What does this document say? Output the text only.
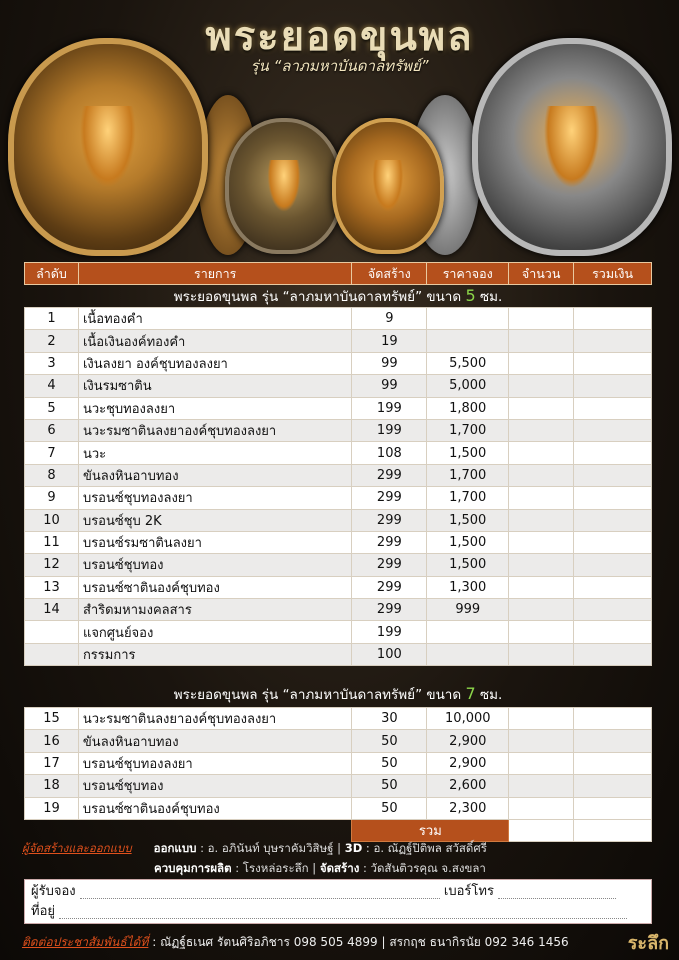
พระยอดขุนพล
รุ่น “ลาภมหาบันดาลทรัพย์”
ลำดับ	รายการ	จัดสร้าง	ราคาจอง	จำนวน	รวมเงิน
พระยอดขุนพล รุ่น “ลาภมหาบันดาลทรัพย์” ขนาด 5 ซม.					
1	เนื้อทองคำ	9			
2	เนื้อเงินองค์ทองคำ	19			
3	เงินลงยา องค์ชุบทองลงยา	99	5,500		
4	เงินรมซาติน	99	5,000		
5	นวะชุบทองลงยา	199	1,800		
6	นวะรมซาตินลงยาองค์ชุบทองลงยา	199	1,700		
7	นวะ	108	1,500		
8	ขันลงหินอาบทอง	299	1,700		
9	บรอนซ์ชุบทองลงยา	299	1,700		
10	บรอนซ์ชุบ 2K	299	1,500		
11	บรอนซ์รมซาตินลงยา	299	1,500		
12	บรอนซ์ชุบทอง	299	1,500		
13	บรอนซ์ซาตินองค์ชุบทอง	299	1,300		
14	สำริดมหามงคลสาร	299	999		
	แจกศูนย์จอง	199			
	กรรมการ	100			
พระยอดขุนพล รุ่น “ลาภมหาบันดาลทรัพย์” ขนาด 7 ซม.					
15	นวะรมซาตินลงยาองค์ชุบทองลงยา	30	10,000		
16	ขันลงหินอาบทอง	50	2,900		
17	บรอนซ์ชุบทองลงยา	50	2,900		
18	บรอนซ์ชุบทอง	50	2,600		
19	บรอนซ์ซาตินองค์ชุบทอง	50	2,300		
		รวม			
ผู้จัดสร้างและออกแบบ ออกแบบ : อ. อภินันท์ บุษราคัมวิสิษฐ์ | 3D : อ. ณัฏฐ์ปิติพล สวัสดิ์ศรี
ควบคุมการผลิต : โรงหล่อระลึก | จัดสร้าง : วัดสันติวรคุณ จ.สงขลา
ผู้รับจอง	เบอร์โทร
ที่อยู่
ติดต่อประชาสัมพันธ์ได้ที่ : ณัฏฐ์ธเนศ รัตนศิริอภิชาร 098 505 4899 | สรกฤช ธนากิรนัย 092 346 1456	ระลึก
